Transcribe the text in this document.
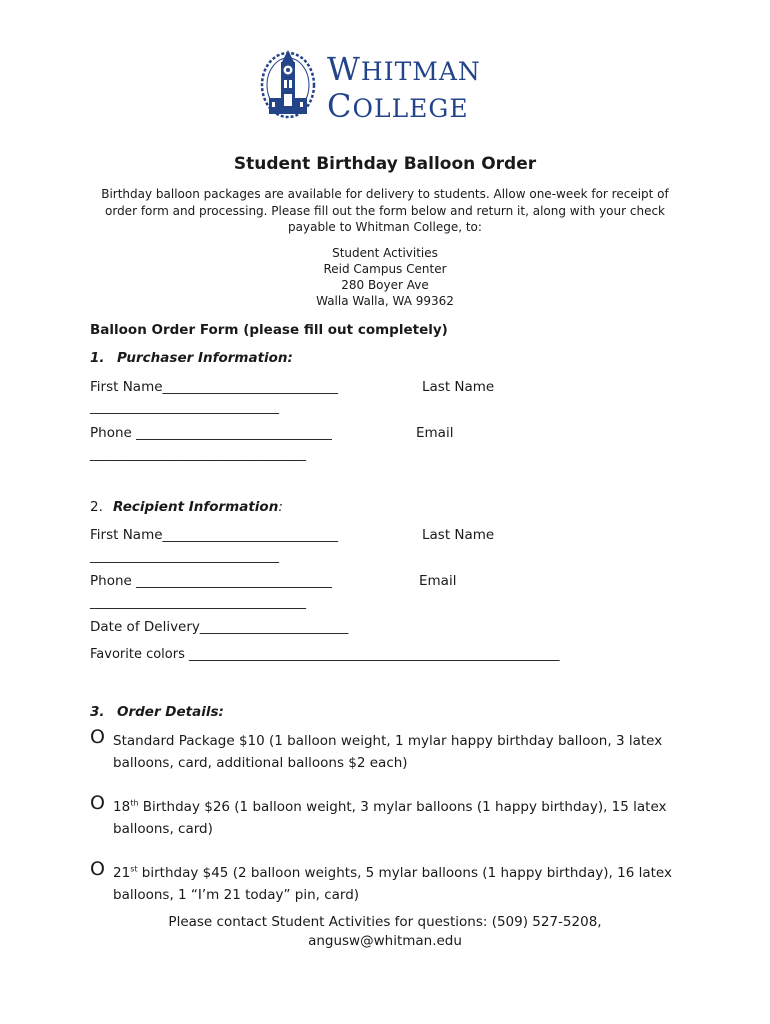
WHITMAN
COLLEGE
Student Birthday Balloon Order
Birthday balloon packages are available for delivery to students. Allow one-week for receipt of order form and processing. Please fill out the form below and return it, along with your check payable to Whitman College, to:
Student Activities
Reid Campus Center
280 Boyer Ave
Walla Walla, WA 99362
Balloon Order Form (please fill out completely)
1. Purchaser Information:
First Name__________________________	Last Name
____________________________
Phone _____________________________	Email
________________________________
2. Recipient Information:
First Name__________________________	Last Name
____________________________
Phone _____________________________	Email
________________________________
Date of Delivery______________________
Favorite colors _________________________________________________________
3. Order Details:
O Standard Package $10 (1 balloon weight, 1 mylar happy birthday balloon, 3 latex balloons, card, additional balloons $2 each)
O 18th Birthday $26 (1 balloon weight, 3 mylar balloons (1 happy birthday), 15 latex balloons, card)
O 21st birthday $45 (2 balloon weights, 5 mylar balloons (1 happy birthday), 16 latex balloons, 1 “I’m 21 today” pin, card)
Please contact Student Activities for questions: (509) 527-5208,
angusw@whitman.edu
